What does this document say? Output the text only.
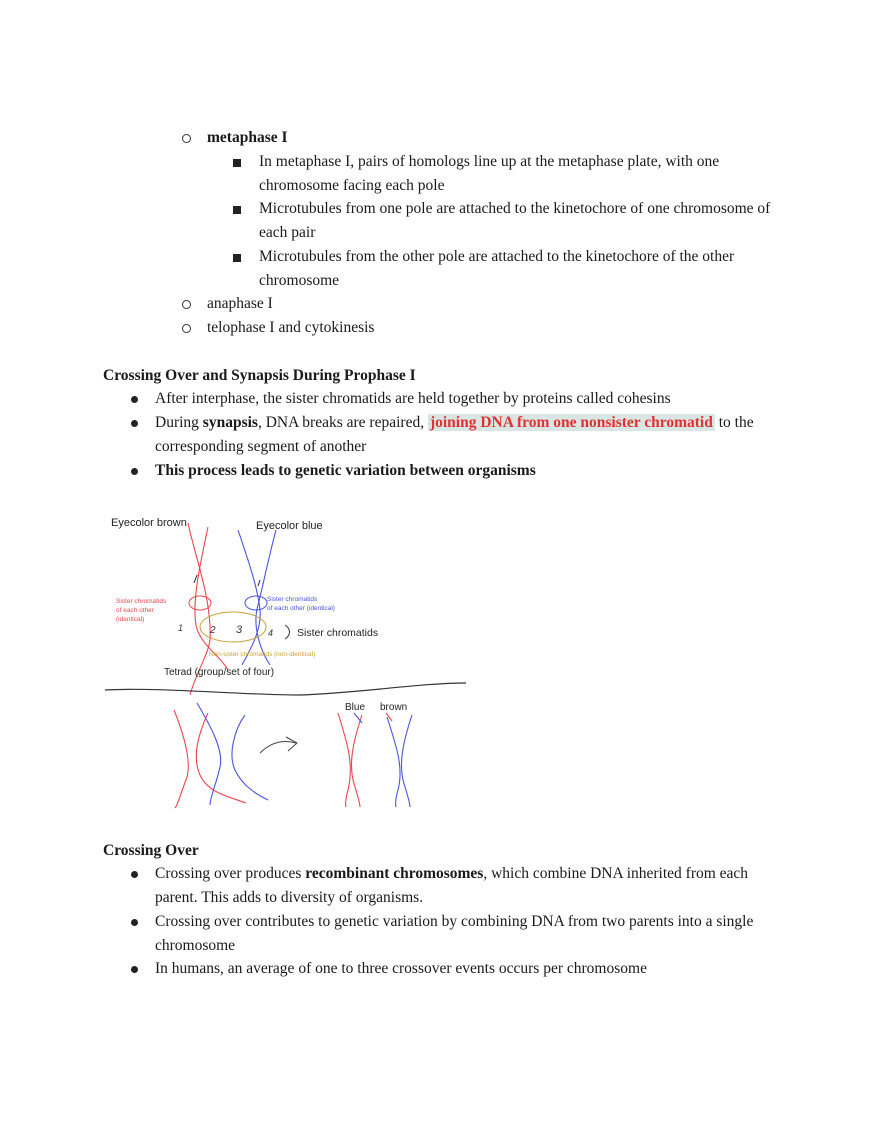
metaphase I
In metaphase I, pairs of homologs line up at the metaphase plate, with one
chromosome facing each pole
Microtubules from one pole are attached to the kinetochore of one chromosome of
each pair
Microtubules from the other pole are attached to the kinetochore of the other
chromosome
anaphase I
telophase I and cytokinesis
Crossing Over and Synapsis During Prophase I
After interphase, the sister chromatids are held together by proteins called cohesins
During synapsis, DNA breaks are repaired, joining DNA from one nonsister chromatid to the
corresponding segment of another
This process leads to genetic variation between organisms
Eyecolor brown	Eyecolor blue
Sister chromatids
of each other
(identical)
Sister chromatids
of each other (identical)
1	2 3	4 Sister chromatids
Non-sister chromatids (non-identical)
Tetrad (group/set of four)
Blue brown
Crossing Over
Crossing over produces recombinant chromosomes, which combine DNA inherited from each
parent. This adds to diversity of organisms.
Crossing over contributes to genetic variation by combining DNA from two parents into a single
chromosome
In humans, an average of one to three crossover events occurs per chromosome
